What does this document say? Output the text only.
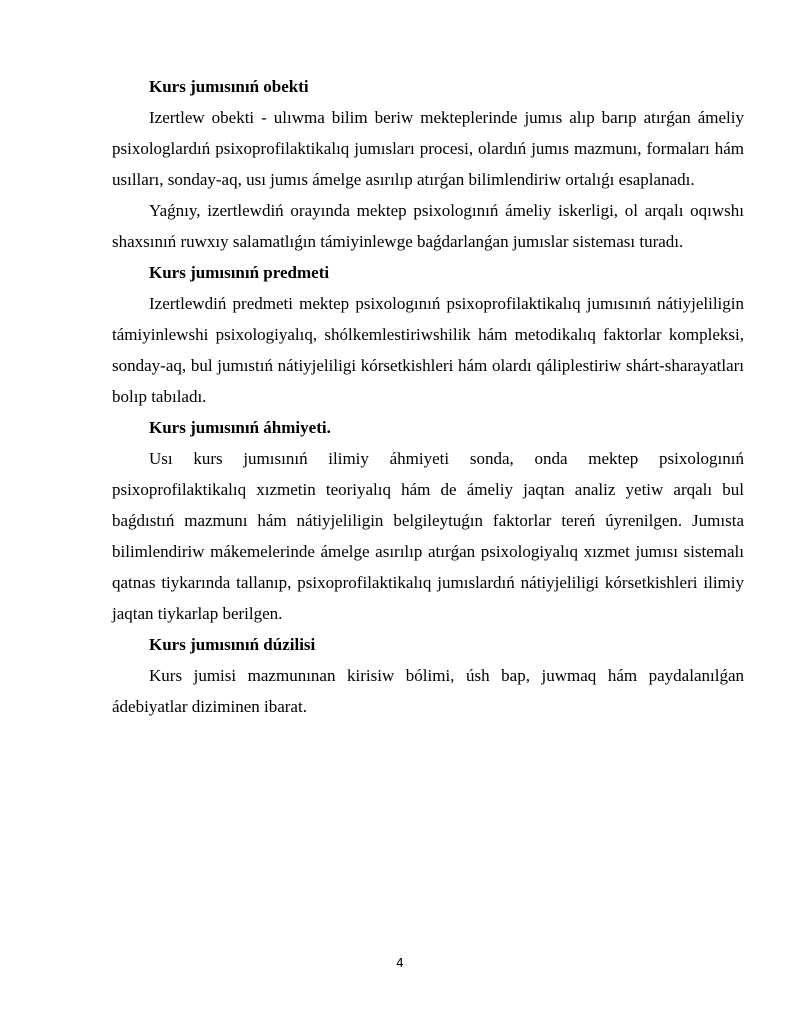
Kurs jumısınıń obekti

Izertlew obekti - ulıwma bilim beriw mekteplerinde jumıs alıp barıp atırǵan ámeliy psixologlardıń psixoprofilaktikalıq jumısları procesi, olardıń jumıs mazmunı, formaları hám usılları, sonday-aq, usı jumıs ámelge asırılıp atırǵan bilimlendiriw ortalıǵı esaplanadı.

Yaǵnıy, izertlewdiń orayında mektep psixologınıń ámeliy iskerligi, ol arqalı oqıwshı shaxsınıń ruwxıy salamatlıǵın támiyinlewge baǵdarlanǵan jumıslar sisteması turadı.

Kurs jumısınıń predmeti

Izertlewdiń predmeti mektep psixologınıń psixoprofilaktikalıq jumısınıń nátiyjeliligin támiyinlewshi psixologiyalıq, shólkemlestiriwshilik hám metodikalıq faktorlar kompleksi, sonday-aq, bul jumıstıń nátiyjeliligi kórsetkishleri hám olardı qáliplestiriw shárt-sharayatları bolıp tabıladı.

Kurs jumısınıń áhmiyeti.

Usı kurs jumısınıń ilimiy áhmiyeti sonda, onda mektep psixologınıń psixoprofilaktikalıq xızmetin teoriyalıq hám de ámeliy jaqtan analiz yetiw arqalı bul baǵdıstıń mazmunı hám nátiyjeliligin belgileytuǵın faktorlar tereń úyrenilgen. Jumısta bilimlendiriw mákemelerinde ámelge asırılıp atırǵan psixologiyalıq xızmet jumısı sistemalı qatnas tiykarında tallanıp, psixoprofilaktikalıq jumıslardıń nátiyjeliligi kórsetkishleri ilimiy jaqtan tiykarlap berilgen.

Kurs jumısınıń dúzilisi

Kurs jumisi mazmunınan kirisiw bólimi, úsh bap, juwmaq hám paydalanılǵan ádebiyatlar diziminen ibarat.

4
